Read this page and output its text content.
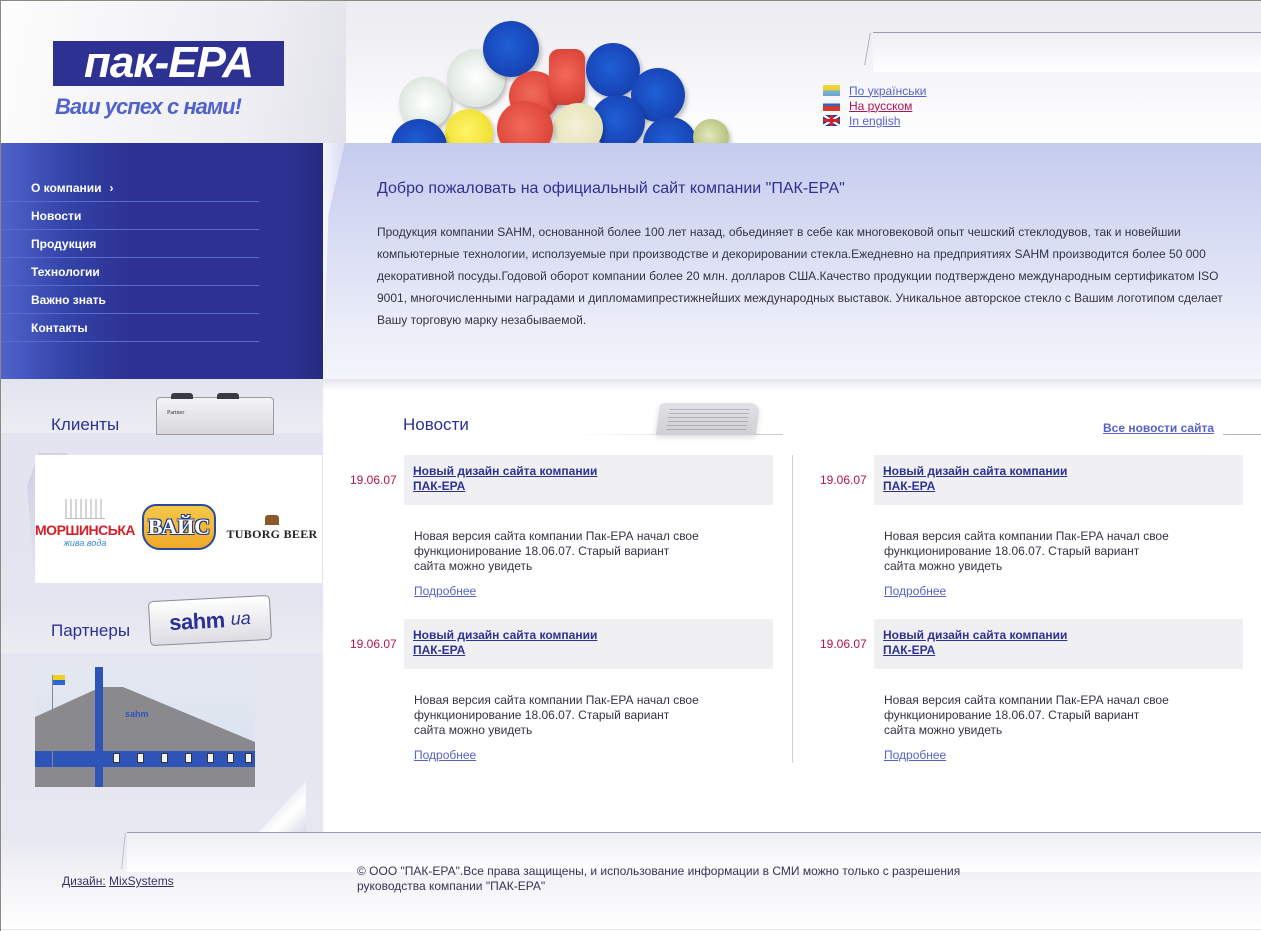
пак-ЕРА
Ваш успех с нами!
По українськи
На русском
In english
О компании ›
Новости
Продукция
Технологии
Важно знать
Контакты
Добро пожаловать на официальный сайт компании "ПАК-ЕРА"

Продукция компании SAHM, основанной более 100 лет назад, обьединяет в себе как многовековой опыт чешский стеклодувов, так и новейшии компьютерные технологии, исползуемые при производстве и декорировании стекла.Ежедневно на предприятиях SAHM производится более 50 000 декоративной посуды.Годовой оборот компании более 20 млн. долларов США.Качество продукции подтверждено международным сертификатом ISO 9001, многочисленными наградами и дипломамипрестижнейших международных выставок. Уникальное авторское стекло с Вашим логотипом сделает Вашу торговую марку незабываемой.

Клиенты
Partner
Партнеры
МОРШИНСЬКА
жива вода
ВАЙС TUBORG BEER
sahm ua
sahm
Новости	Все новости сайта
19.06.07
Новый дизайн сайта компании ПАК-ЕРА

Новая версия сайта компании Пак-ЕРА начал свое функционирование 18.06.07. Старый вариант сайта можно увидеть

Подробнее
19.06.07
Новый дизайн сайта компании ПАК-ЕРА

Новая версия сайта компании Пак-ЕРА начал свое функционирование 18.06.07. Старый вариант сайта можно увидеть

Подробнее
19.06.07
Новый дизайн сайта компании ПАК-ЕРА

Новая версия сайта компании Пак-ЕРА начал свое функционирование 18.06.07. Старый вариант сайта можно увидеть

Подробнее
19.06.07
Новый дизайн сайта компании ПАК-ЕРА

Новая версия сайта компании Пак-ЕРА начал свое функционирование 18.06.07. Старый вариант сайта можно увидеть

Подробнее
Дизайн: MixSystems

© ООО "ПАК-ЕРА".Все права защищены, и использование информации в СМИ можно только с разрешения руководства компании "ПАК-ЕРА"
